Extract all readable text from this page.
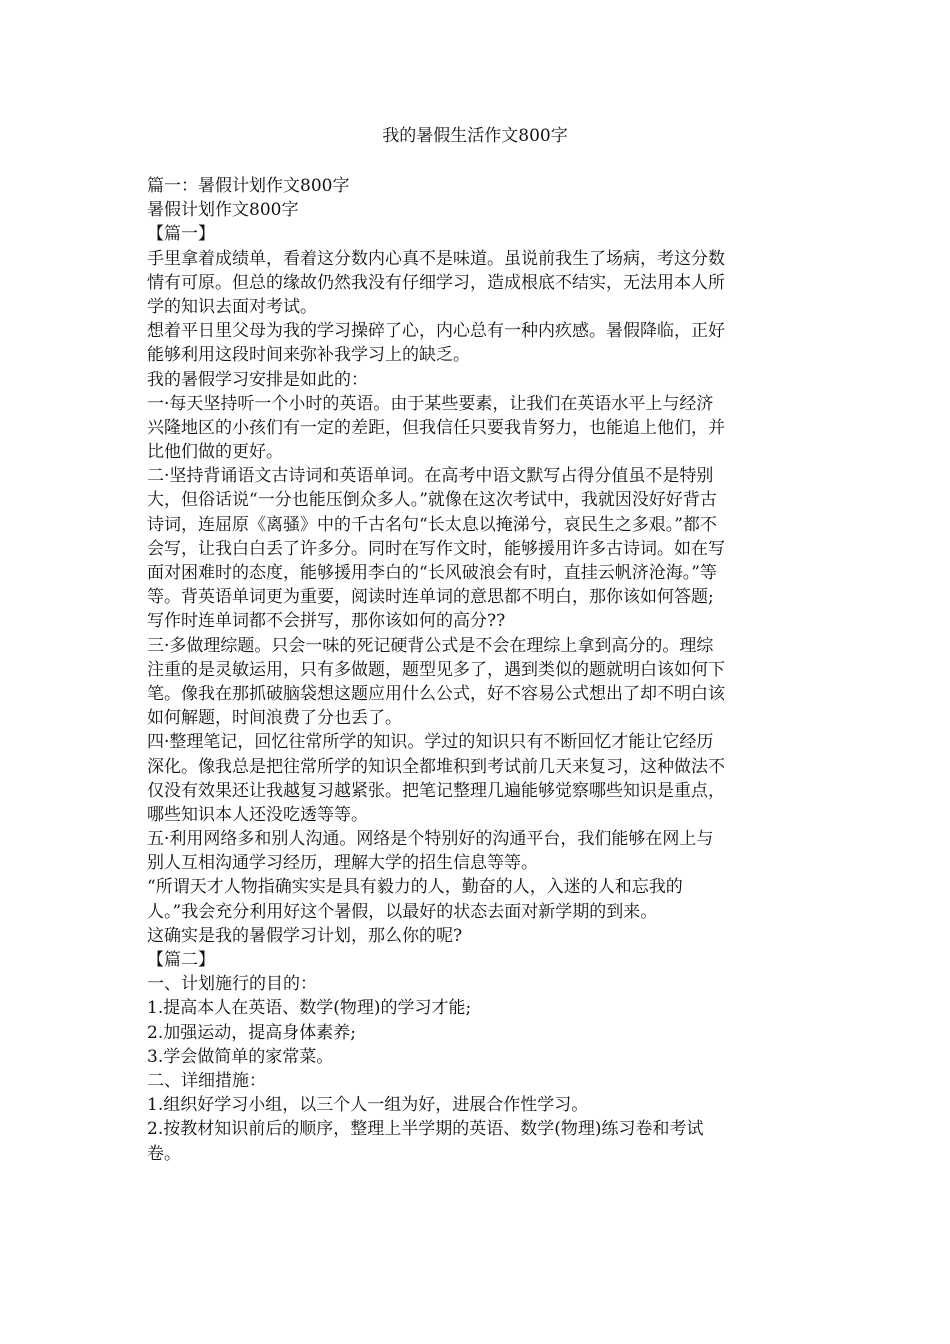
我的暑假生活作文800字
篇一：暑假计划作文800字
暑假计划作文800字
【篇一】
手里拿着成绩单，看着这分数内心真不是味道。虽说前我生了场病，考这分数
情有可原。但总的缘故仍然我没有仔细学习，造成根底不结实，无法用本人所
学的知识去面对考试。
想着平日里父母为我的学习操碎了心，内心总有一种内疚感。暑假降临，正好
能够利用这段时间来弥补我学习上的缺乏。
我的暑假学习安排是如此的：
一·每天坚持听一个小时的英语。由于某些要素，让我们在英语水平上与经济
兴隆地区的小孩们有一定的差距，但我信任只要我肯努力，也能追上他们，并
比他们做的更好。
二·坚持背诵语文古诗词和英语单词。在高考中语文默写占得分值虽不是特别
大，但俗话说“一分也能压倒众多人。”就像在这次考试中，我就因没好好背古
诗词，连屈原《离骚》中的千古名句“长太息以掩涕兮，哀民生之多艰。”都不
会写，让我白白丢了许多分。同时在写作文时，能够援用许多古诗词。如在写
面对困难时的态度，能够援用李白的“长风破浪会有时，直挂云帆济沧海。”等
等。背英语单词更为重要，阅读时连单词的意思都不明白，那你该如何答题;
写作时连单词都不会拼写，那你该如何的高分??
三·多做理综题。只会一味的死记硬背公式是不会在理综上拿到高分的。理综
注重的是灵敏运用，只有多做题，题型见多了，遇到类似的题就明白该如何下
笔。像我在那抓破脑袋想这题应用什么公式，好不容易公式想出了却不明白该
如何解题，时间浪费了分也丢了。
四·整理笔记，回忆往常所学的知识。学过的知识只有不断回忆才能让它经历
深化。像我总是把往常所学的知识全都堆积到考试前几天来复习，这种做法不
仅没有效果还让我越复习越紧张。把笔记整理几遍能够觉察哪些知识是重点，
哪些知识本人还没吃透等等。
五·利用网络多和别人沟通。网络是个特别好的沟通平台，我们能够在网上与
别人互相沟通学习经历，理解大学的招生信息等等。
“所谓天才人物指确实实是具有毅力的人，勤奋的人，入迷的人和忘我的
人。”我会充分利用好这个暑假，以最好的状态去面对新学期的到来。
这确实是我的暑假学习计划，那么你的呢?
【篇二】
一、计划施行的目的：
1.提高本人在英语、数学(物理)的学习才能;
2.加强运动，提高身体素养;
3.学会做简单的家常菜。
二、详细措施：
1.组织好学习小组，以三个人一组为好，进展合作性学习。
2.按教材知识前后的顺序，整理上半学期的英语、数学(物理)练习卷和考试
卷。
